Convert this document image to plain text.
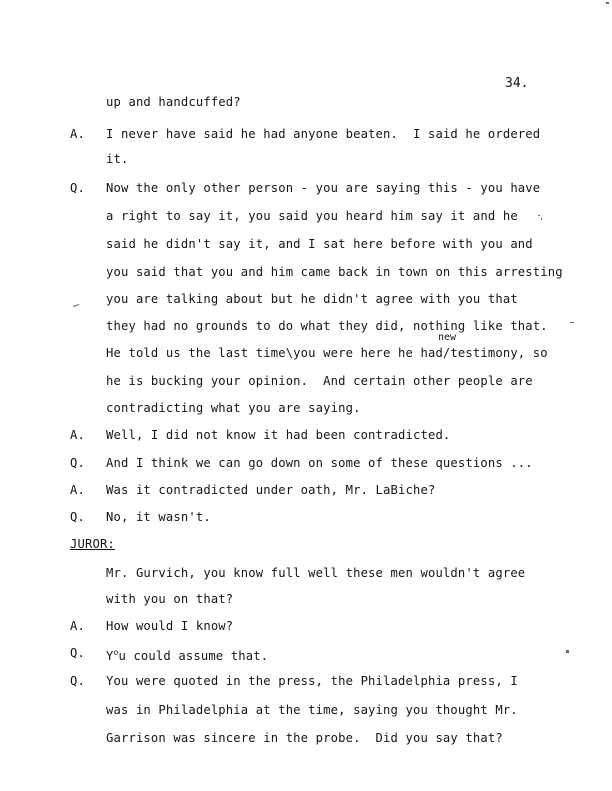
34.
up and handcuffed?
A. I never have said he had anyone beaten.  I said he ordered
it.
Q. Now the only other person - you are saying this - you have
a right to say it, you said you heard him say it and he
said he didn't say it, and I sat here before with you and
you said that you and him came back in town on this arresting
you are talking about but he didn't agree with you that
they had no grounds to do what they did, nothing like that.
new
He told us the last time\you were here he had/testimony, so
he is bucking your opinion.  And certain other people are
contradicting what you are saying.
A. Well, I did not know it had been contradicted.
Q. And I think we can go down on some of these questions ...
A. Was it contradicted under oath, Mr. LaBiche?
Q. No, it wasn't.
JUROR:
Mr. Gurvich, you know full well these men wouldn't agree
with you on that?
A. How would I know?
Q. $Y^ou$ could assume that.
Q. You were quoted in the press, the Philadelphia press, I
was in Philadelphia at the time, saying you thought Mr.
Garrison was sincere in the probe.  Did you say that?
